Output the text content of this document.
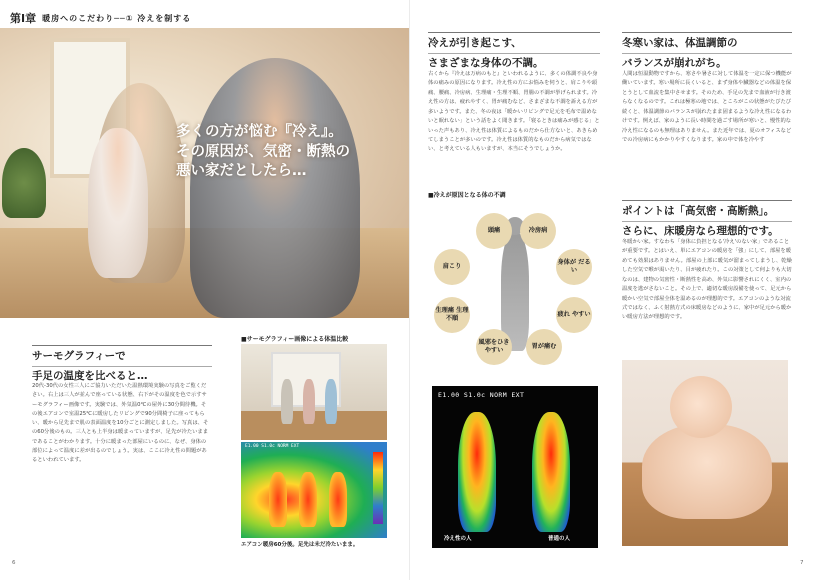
第Ⅰ章 暖房へのこだわり──① 冷えを制する
多くの方が悩む『冷え』。
その原因が、気密・断熱の
悪い家だとしたら…
サーモグラフィーで
手足の温度を比べると…
20代-30代の女性三人にご協力いただいた温熱環境実験の写真をご覧ください。右上は三人が並んで座っている状態、右下がその温度を色で示すサーモグラフィー画像です。実験では、外気温0℃の屋外に30分間待機。その後エアコンで室温25℃に暖房したリビングで90分間椅子に座ってもらい、暖から足先まで肌の表面温度を10分ごとに測定しました。写真は、その60分後のもの。三人とも上半身は暖まっていますが、足先が冷たいままであることがわかります。十分に暖まった部屋にいるのに、なぜ、身体の部位によって温度に差が出るのでしょう。実は、ここに冷え性の問題があるといわれています。
■サーモグラフィー画像による体温比較
E1.00 S1.0c NORM EXT
エアコン暖房60分後。足先は未だ冷たいまま。
6
冷えが引き起こす、
さまざまな身体の不調。
古くから『冷えは万病のもと』といわれるように、多くの体調不良や身体の痛みの原因になります。冷え性の方にお悩みを伺うと、肩こりや頭痛、腰痛、冷房病、生理痛・生理不順、胃腸の不調が挙げられます。冷え性の方は、疲れやすく、胃が痛むなど、さまざまな不調を訴える方が多いようです。また、冬の夜は「暖かいリビングで足元を毛布で温めないと眠れない」という話をよく聞きます。「寝るときは痛みが感じる」といった声もあり、冷え性は体質によるものだから仕方ないと、あきらめてしまうことが多いのです。冷え性は体質的なものだから病気ではない、と考えている人もいますが、本当にそうでしょうか。
■冷えが原因となる体の不調
頭痛	冷房病
身体が だるい
疲れ やすい
胃が痛む
風邪をひき やすい
生理痛 生理不順
肩こり
E1.00 S1.0c NORM EXT
冷え性の人	普通の人
冬寒い家は、体温調節の
バランスが崩れがち。
人間は恒温動物ですから、寒さや暑さに対して体温を一定に保つ機能が働いています。寒い場所に長くいると、まず身体や臓器などの体温を保とうとして血流を集中させます。そのため、手足の先まで血液が行き渡らなくなるのです。これは極寒の地では、ところがこの状態がたびたび続くと、体温調節のバランスが崩れたまま固まるような冷え性になるわけです。例えば、家のように長い時間を過ごす場所が寒いと、慢性的な冷え性になるのも無理はありません。また近年では、夏のオフィスなどでの冷房病にもかかりやすくなります。家の中で体を冷やす
ポイントは「高気密・高断熱」。
さらに、床暖房なら理想的です。
冬暖かい家。すなわち「身体に負担となる'冷え'のない家」であることが重要です。とはいえ、単にエアコンの暖房を「強」にして、部屋を暖めても効果はありません。部屋の上部に暖気が溜まってしまうし、乾燥した空気で喉が渇いたり、目が疲れたり。この対策として何よりも大切なのは、建物の気密性・断熱性を高め、外気に影響されにくく、室内の温度を逃がさないこと。その上で、適切な暖房設備を使って、足元から暖かい空気で部屋全体を温めるのが理想的です。エアコンのような対流式ではなく、ふく射熱方式の床暖房などのように、家中が足元から暖かい暖房方法が理想的です。
7
